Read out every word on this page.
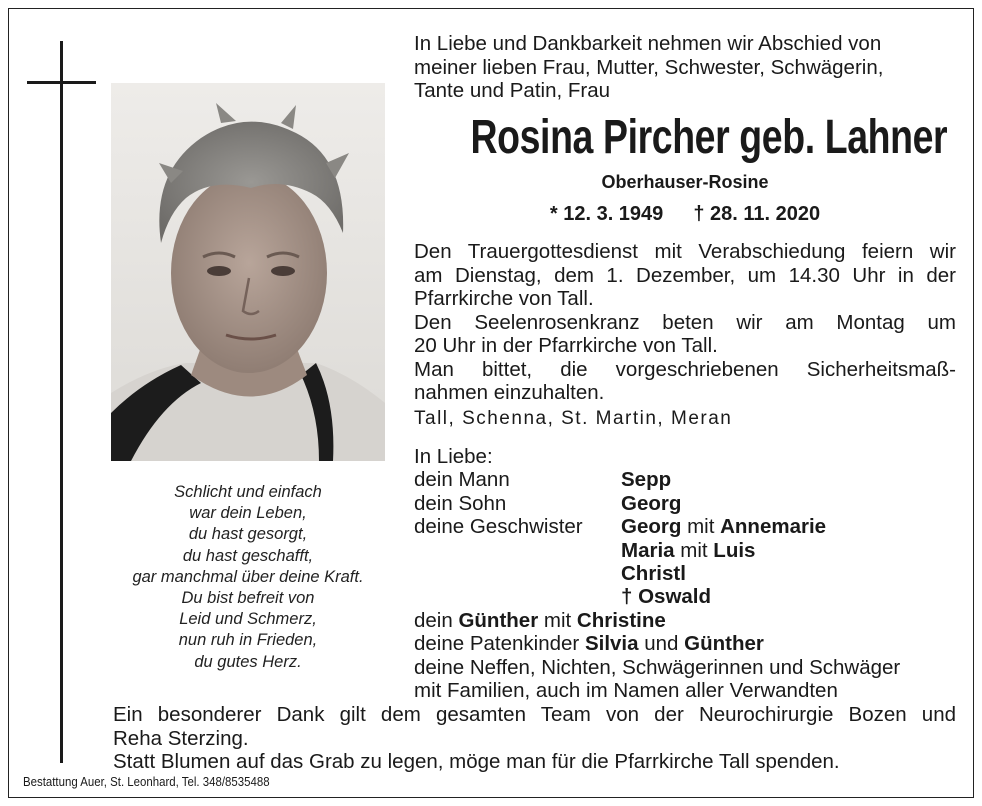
Schlicht und einfach
war dein Leben,
du hast gesorgt,
du hast geschafft,
gar manchmal über deine Kraft.
Du bist befreit von
Leid und Schmerz,
nun ruh in Frieden,
du gutes Herz.
In Liebe und Dankbarkeit nehmen wir Abschied von
meiner lieben Frau, Mutter, Schwester, Schwägerin,
Tante und Patin, Frau
Rosina Pircher geb. Lahner
Oberhauser-Rosine
* 12. 3. 1949 † 28. 11. 2020
Den Trauergottesdienst mit Verabschiedung feiern wir
am Dienstag, dem 1. Dezember, um 14.30 Uhr in der
Pfarrkirche von Tall.
Den Seelenrosenkranz beten wir am Montag um
20 Uhr in der Pfarrkirche von Tall.
Man bittet, die vorgeschriebenen Sicherheitsmaß-
nahmen einzuhalten.
Tall, Schenna, St. Martin, Meran
In Liebe:
dein Mann	Sepp
dein Sohn	Georg
deine Geschwister	Georg mit Annemarie
Maria mit Luis
Christl
† Oswald
dein Günther mit Christine
deine Patenkinder Silvia und Günther
deine Neffen, Nichten, Schwägerinnen und Schwäger
mit Familien, auch im Namen aller Verwandten
Ein besonderer Dank gilt dem gesamten Team von der Neurochirurgie Bozen und
Reha Sterzing.
Statt Blumen auf das Grab zu legen, möge man für die Pfarrkirche Tall spenden.
Bestattung Auer, St. Leonhard, Tel. 348/8535488
